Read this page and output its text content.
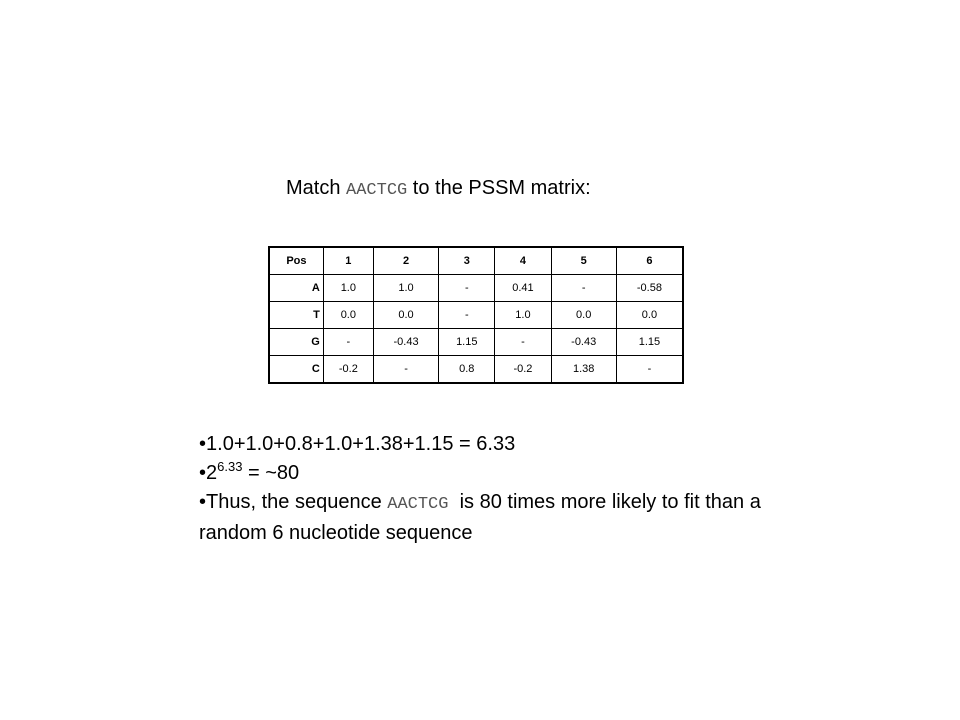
Match AACTCG to the PSSM matrix:
Pos	1	2	3	4	5	6
A	1.0	1.0	-	0.41	-	-0.58
T	0.0	0.0	-	1.0	0.0	0.0
G	-	-0.43	1.15	-	-0.43	1.15
C	-0.2	-	0.8	-0.2	1.38	-
•1.0+1.0+0.8+1.0+1.38+1.15 = 6.33
$•2^{6.33}$ = ~80
•Thus, the sequence AACTCG  is 80 times more likely to fit than a random 6 nucleotide sequence
